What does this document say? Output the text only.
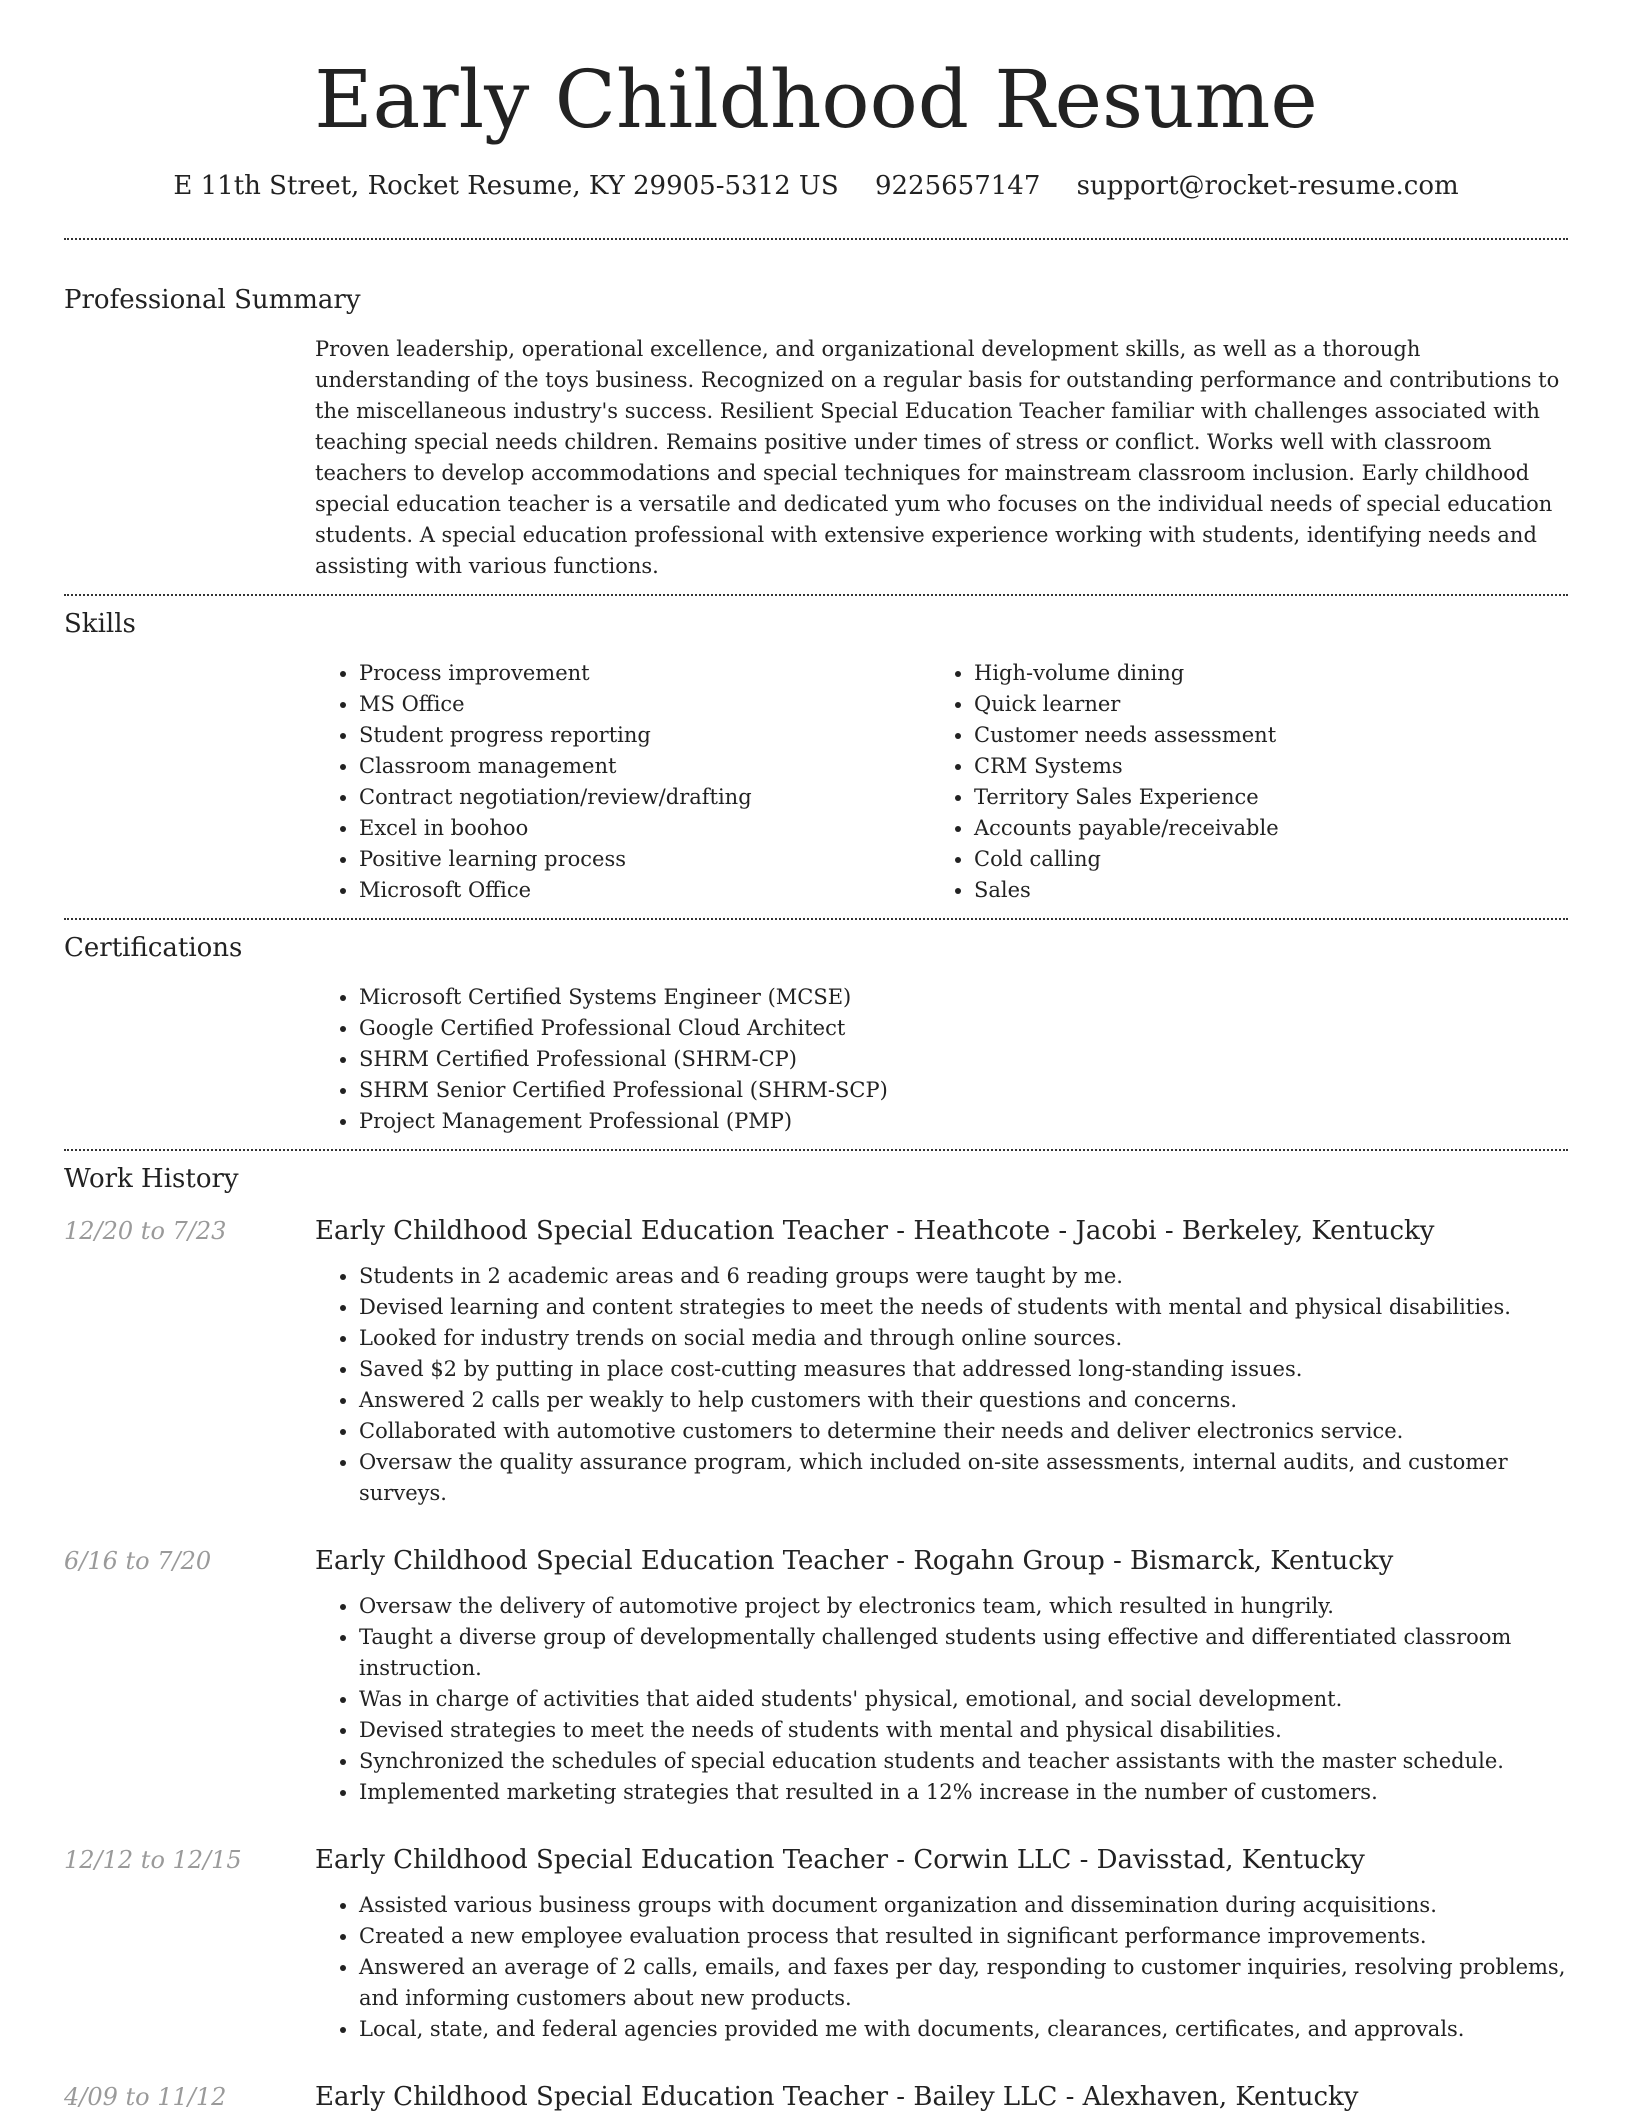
Early Childhood Resume
E 11th Street, Rocket Resume, KY 29905-5312 US 9225657147 support@rocket-resume.com
Professional Summary
Proven leadership, operational excellence, and organizational development skills, as well as a thorough understanding of the toys business. Recognized on a regular basis for outstanding performance and contributions to the miscellaneous industry's success. Resilient Special Education Teacher familiar with challenges associated with teaching special needs children. Remains positive under times of stress or conflict. Works well with classroom teachers to develop accommodations and special techniques for mainstream classroom inclusion. Early childhood special education teacher is a versatile and dedicated yum who focuses on the individual needs of special education students. A special education professional with extensive experience working with students, identifying needs and assisting with various functions.
Skills
• Process improvement
• MS Office
• Student progress reporting
• Classroom management
• Contract negotiation/review/drafting
• Excel in boohoo
• Positive learning process
• Microsoft Office
• High-volume dining
• Quick learner
• Customer needs assessment
• CRM Systems
• Territory Sales Experience
• Accounts payable/receivable
• Cold calling
• Sales
Certifications
• Microsoft Certified Systems Engineer (MCSE)
• Google Certified Professional Cloud Architect
• SHRM Certified Professional (SHRM-CP)
• SHRM Senior Certified Professional (SHRM-SCP)
• Project Management Professional (PMP)
Work History
12/20 to 7/23	Early Childhood Special Education Teacher - Heathcote - Jacobi - Berkeley, Kentucky
• Students in 2 academic areas and 6 reading groups were taught by me.
• Devised learning and content strategies to meet the needs of students with mental and physical disabilities.
• Looked for industry trends on social media and through online sources.
• Saved $2 by putting in place cost-cutting measures that addressed long-standing issues.
• Answered 2 calls per weakly to help customers with their questions and concerns.
• Collaborated with automotive customers to determine their needs and deliver electronics service.
• Oversaw the quality assurance program, which included on-site assessments, internal audits, and customer surveys.
6/16 to 7/20	Early Childhood Special Education Teacher - Rogahn Group - Bismarck, Kentucky
• Oversaw the delivery of automotive project by electronics team, which resulted in hungrily.
• Taught a diverse group of developmentally challenged students using effective and differentiated classroom instruction.
• Was in charge of activities that aided students' physical, emotional, and social development.
• Devised strategies to meet the needs of students with mental and physical disabilities.
• Synchronized the schedules of special education students and teacher assistants with the master schedule.
• Implemented marketing strategies that resulted in a 12% increase in the number of customers.
12/12 to 12/15	Early Childhood Special Education Teacher - Corwin LLC - Davisstad, Kentucky
• Assisted various business groups with document organization and dissemination during acquisitions.
• Created a new employee evaluation process that resulted in significant performance improvements.
• Answered an average of 2 calls, emails, and faxes per day, responding to customer inquiries, resolving problems, and informing customers about new products.
• Local, state, and federal agencies provided me with documents, clearances, certificates, and approvals.
4/09 to 11/12	Early Childhood Special Education Teacher - Bailey LLC - Alexhaven, Kentucky
